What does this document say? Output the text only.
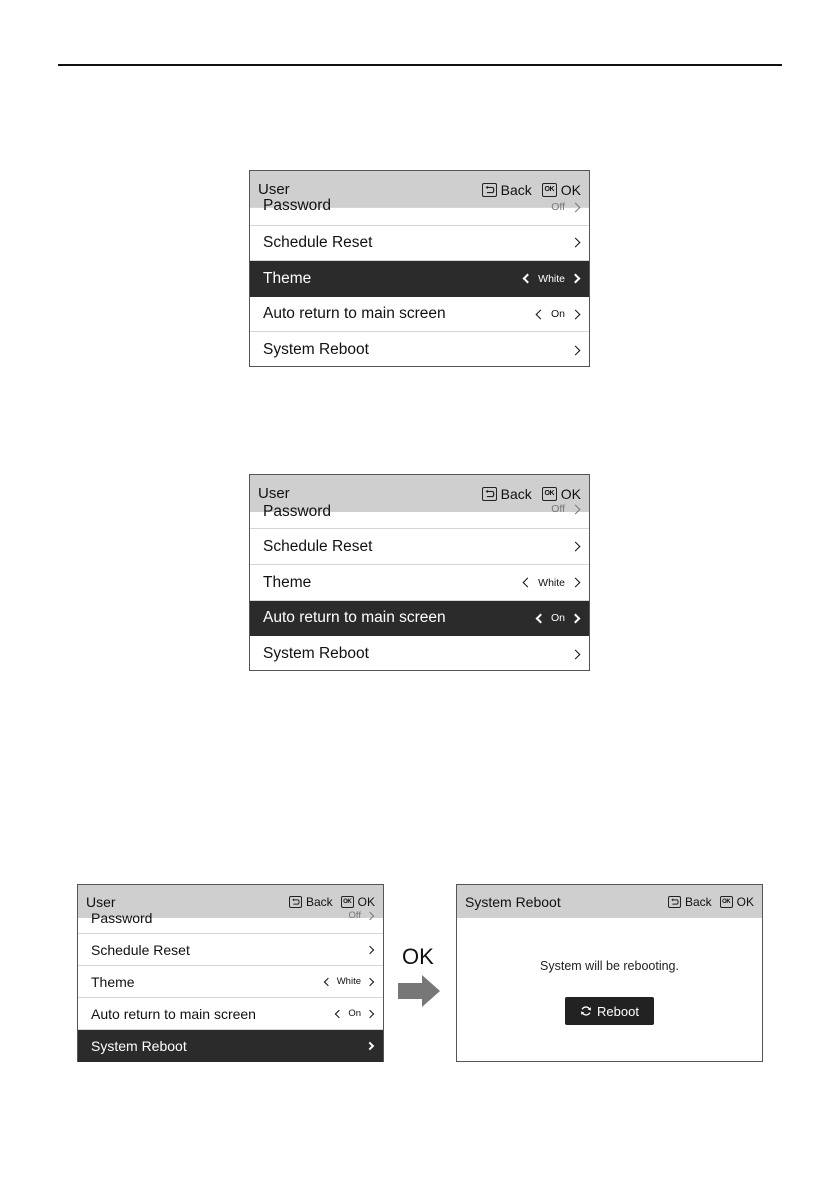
User	Back	OK OK
Password	Off
Schedule Reset
Theme	White
Auto return to main screen	On
System Reboot
User	Back	OK OK
Password	Off
Schedule Reset
Theme	White
Auto return to main screen	On
System Reboot
User	Back	OK OK
Password	Off
Schedule Reset
Theme	White
Auto return to main screen	On
System Reboot
OK
System Reboot	Back	OK OK
System will be rebooting.
Reboot
